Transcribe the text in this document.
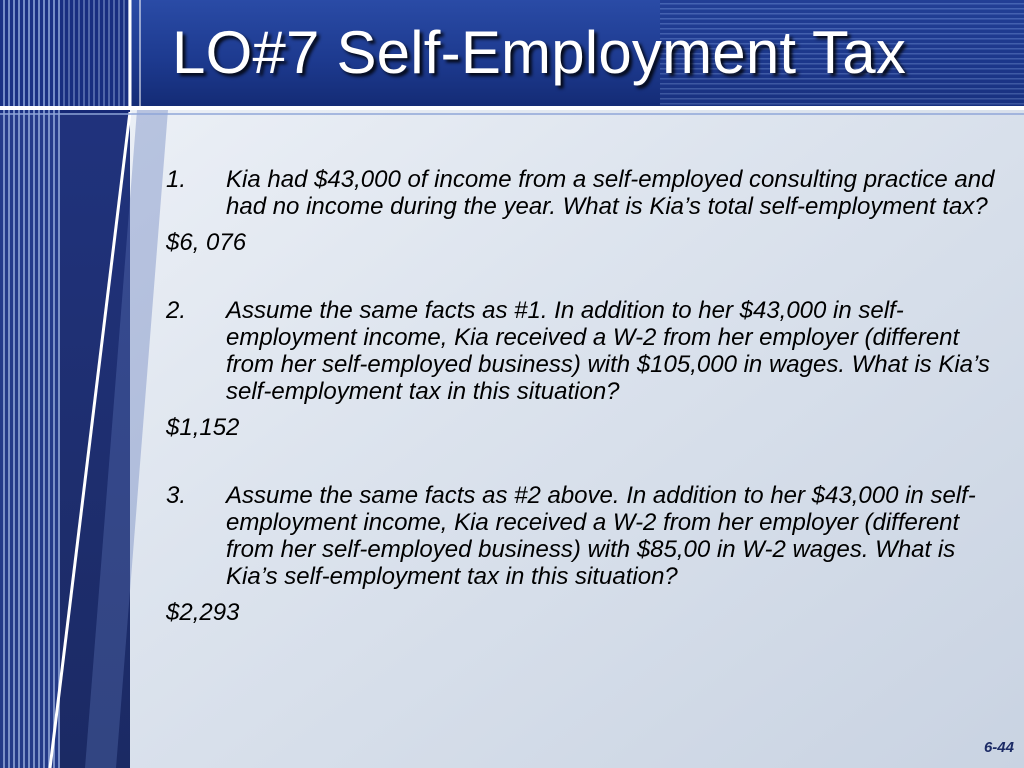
LO#7 Self-Employment Tax
1. Kia had $43,000 of income from a self-employed consulting practice and had no income during the year. What is Kia’s total self-employment tax?
$6, 076
2. Assume the same facts as #1. In addition to her $43,000 in self-employment income, Kia received a W-2 from her employer (different from her self-employed business) with $105,000 in wages. What is Kia’s self-employment tax in this situation?
$1,152
3. Assume the same facts as #2 above. In addition to her $43,000 in self-employment income, Kia received a W-2 from her employer (different from her self-employed business) with $85,00 in W-2 wages. What is Kia’s self-employment tax in this situation?
$2,293
6-44
